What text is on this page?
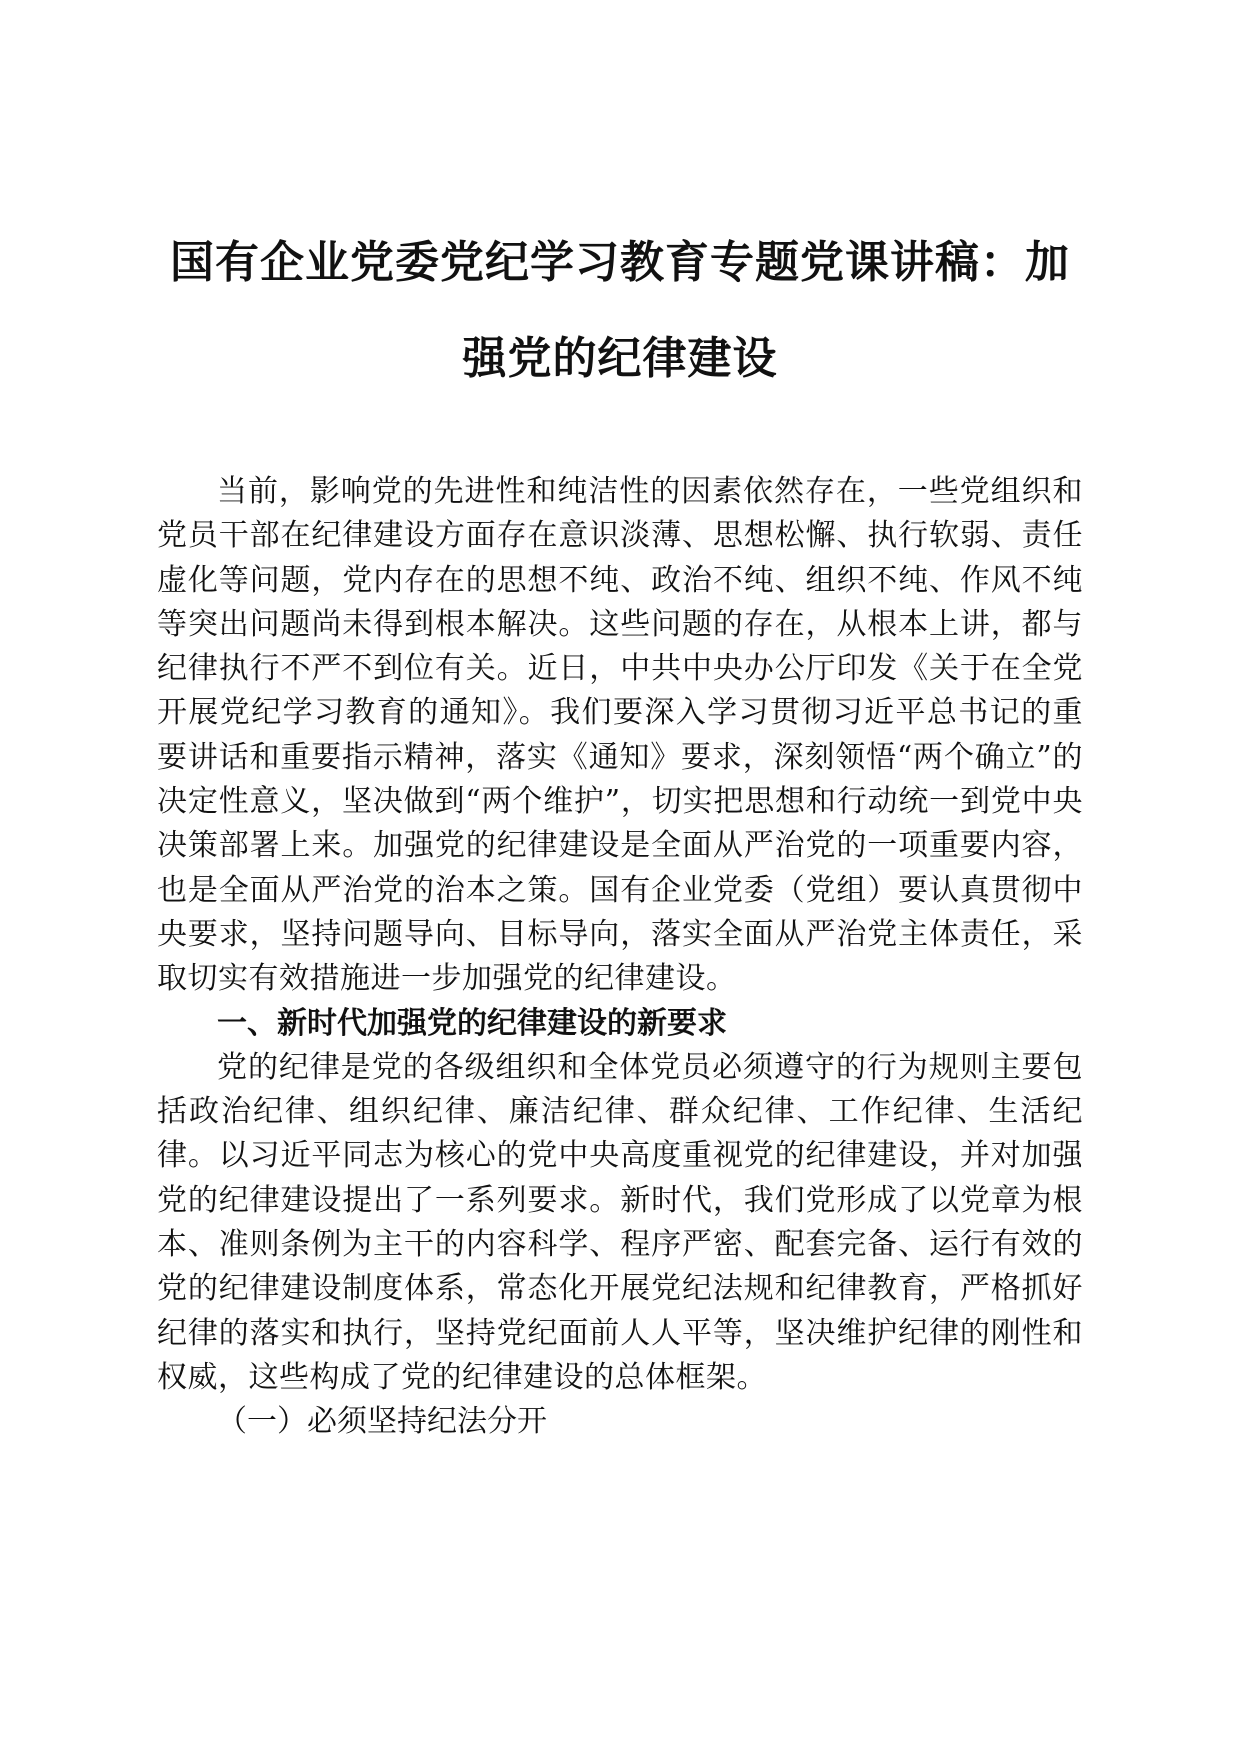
国有企业党委党纪学习教育专题党课讲稿：加强党的纪律建设

当前，影响党的先进性和纯洁性的因素依然存在，一些党组织和党员干部在纪律建设方面存在意识淡薄、思想松懈、执行软弱、责任虚化等问题，党内存在的思想不纯、政治不纯、组织不纯、作风不纯等突出问题尚未得到根本解决。这些问题的存在，从根本上讲，都与纪律执行不严不到位有关。近日，中共中央办公厅印发《关于在全党开展党纪学习教育的通知》。我们要深入学习贯彻习近平总书记的重要讲话和重要指示精神，落实《通知》要求，深刻领悟“两个确立”的决定性意义，坚决做到“两个维护”，切实把思想和行动统一到党中央决策部署上来。加强党的纪律建设是全面从严治党的一项重要内容，也是全面从严治党的治本之策。国有企业党委（党组）要认真贯彻中央要求，坚持问题导向、目标导向，落实全面从严治党主体责任，采取切实有效措施进一步加强党的纪律建设。

一、新时代加强党的纪律建设的新要求

党的纪律是党的各级组织和全体党员必须遵守的行为规则主要包括政治纪律、组织纪律、廉洁纪律、群众纪律、工作纪律、生活纪律。以习近平同志为核心的党中央高度重视党的纪律建设，并对加强党的纪律建设提出了一系列要求。新时代，我们党形成了以党章为根本、准则条例为主干的内容科学、程序严密、配套完备、运行有效的党的纪律建设制度体系，常态化开展党纪法规和纪律教育，严格抓好纪律的落实和执行，坚持党纪面前人人平等，坚决维护纪律的刚性和权威，这些构成了党的纪律建设的总体框架。

（一）必须坚持纪法分开
